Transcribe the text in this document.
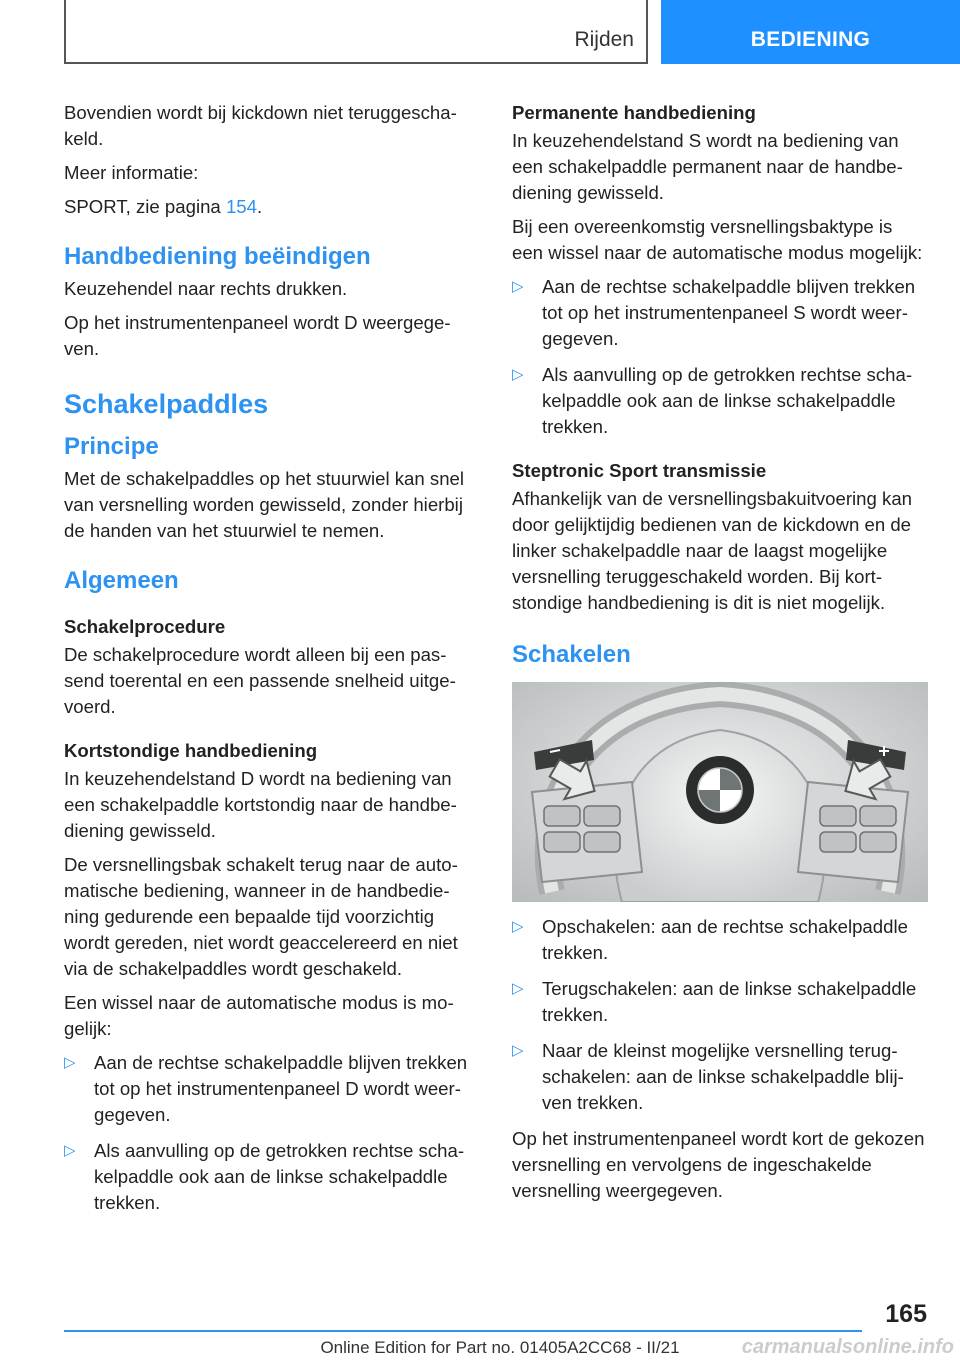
Rijden	BEDIENING

Bovendien wordt bij kickdown niet teruggeschakeld.

Meer informatie:

SPORT, zie pagina 154.

Handbediening beëindigen

Keuzehendel naar rechts drukken.

Op het instrumentenpaneel wordt D weergegeven.

Schakelpaddles
Principe

Met de schakelpaddles op het stuurwiel kan snel van versnelling worden gewisseld, zonder hierbij de handen van het stuurwiel te nemen.

Algemeen
Schakelprocedure

De schakelprocedure wordt alleen bij een passend toerental en een passende snelheid uitgevoerd.

Kortstondige handbediening

In keuzehendelstand D wordt na bediening van een schakelpaddle kortstondig naar de handbediening gewisseld.

De versnellingsbak schakelt terug naar de automatische bediening, wanneer in de handbediening gedurende een bepaalde tijd voorzichtig wordt gereden, niet wordt geaccelereerd en niet via de schakelpaddles wordt geschakeld.

Een wissel naar de automatische modus is mogelijk:

▷ Aan de rechtse schakelpaddle blijven trekken tot op het instrumentenpaneel D wordt weergegeven.
▷ Als aanvulling op de getrokken rechtse schakelpaddle ook aan de linkse schakelpaddle trekken.
Permanente handbediening

In keuzehendelstand S wordt na bediening van een schakelpaddle permanent naar de handbediening gewisseld.

Bij een overeenkomstig versnellingsbaktype is een wissel naar de automatische modus mogelijk:

▷ Aan de rechtse schakelpaddle blijven trekken tot op het instrumentenpaneel S wordt weergegeven.
▷ Als aanvulling op de getrokken rechtse schakelpaddle ook aan de linkse schakelpaddle trekken.
Steptronic Sport transmissie

Afhankelijk van de versnellingsbakuitvoering kan door gelijktijdig bedienen van de kickdown en de linker schakelpaddle naar de laagst mogelijke versnelling teruggeschakeld worden. Bij kortstondige handbediening is dit is niet mogelijk.

Schakelen
▷ Opschakelen: aan de rechtse schakelpaddle trekken.
▷ Terugschakelen: aan de linkse schakelpaddle trekken.
▷ Naar de kleinst mogelijke versnelling terugschakelen: aan de linkse schakelpaddle blijven trekken.

Op het instrumentenpaneel wordt kort de gekozen versnelling en vervolgens de ingeschakelde versnelling weergegeven.

165
Online Edition for Part no. 01405A2CC68 - II/21	carmanualsonline.info
